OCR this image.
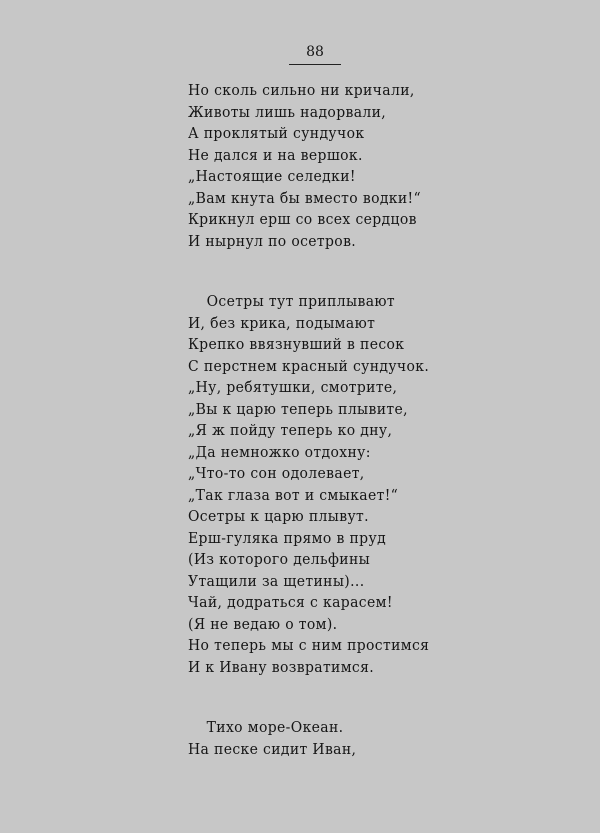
88
Но сколь сильно ни кричали,
Животы лишь надорвали,
А проклятый сундучок
Не дался и на вершок.
„Настоящие селедки!
„Вам кнута бы вместо водки!“
Крикнул ерш со всех сердцов
И нырнул по осетров.
Осетры тут приплывают
И, без крика, подымают
Крепко ввязнувший в песок
С перстнем красный сундучок.
„Ну, ребятушки, смотрите,
„Вы к царю теперь плывите,
„Я ж пойду теперь ко дну,
„Да немножко отдохну:
„Что-то сон одолевает,
„Так глаза вот и смыкает!“
Осетры к царю плывут.
Ерш-гуляка прямо в пруд
(Из которого дельфины
Утащили за щетины)...
Чай, додраться с карасем!
(Я не ведаю о том).
Но теперь мы с ним простимся
И к Ивану возвратимся.
Тихо море-Океан.
На песке сидит Иван,
